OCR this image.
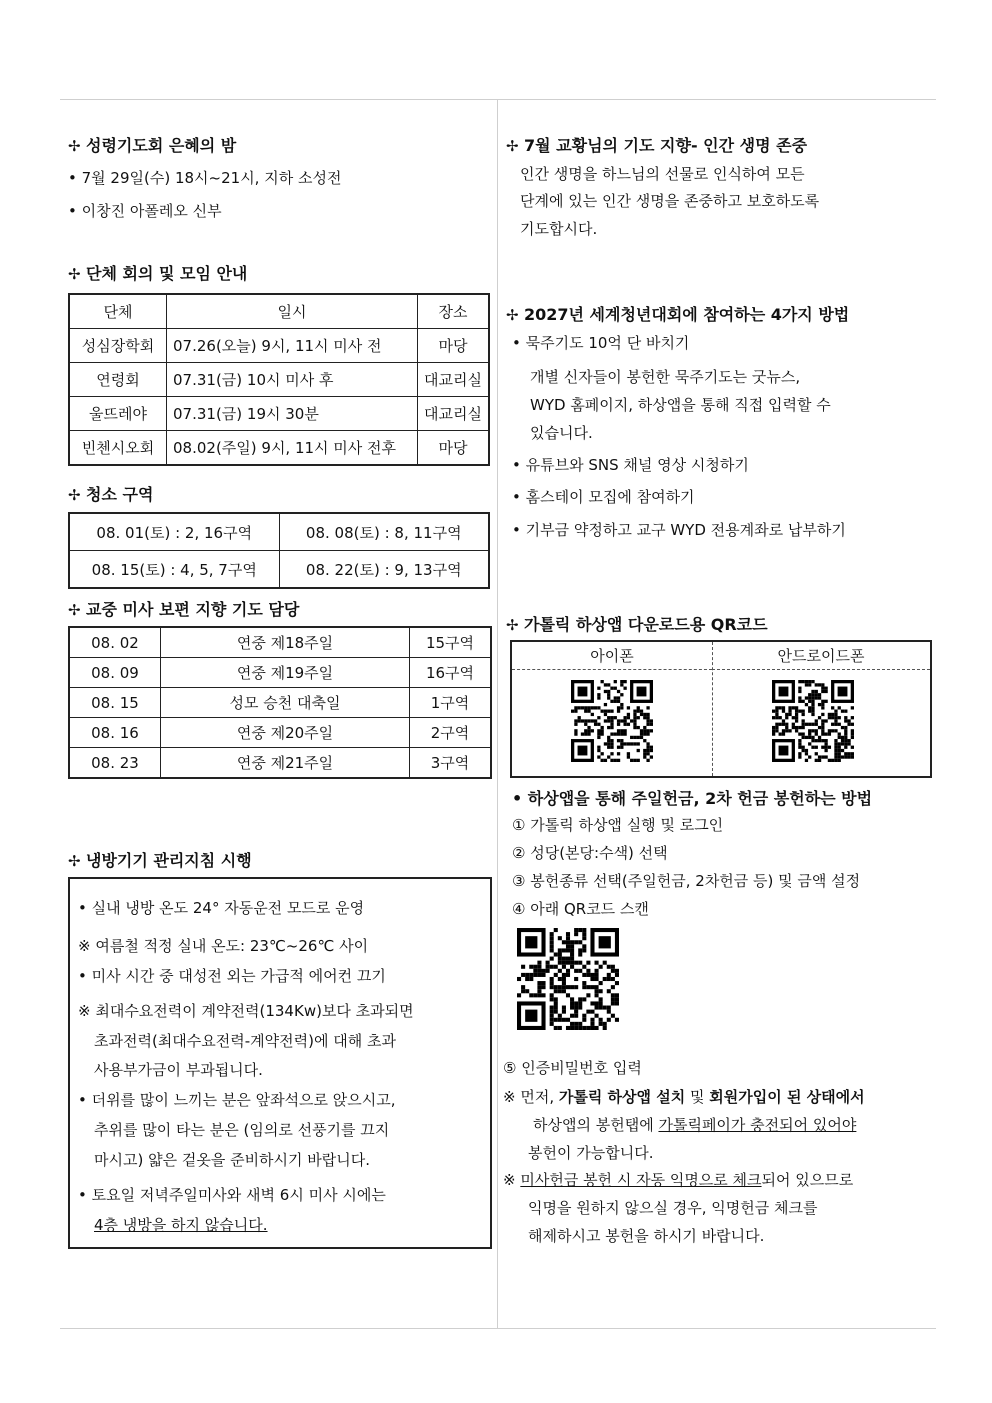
✢ 성령기도회 은혜의 밤
• 7월 29일(수) 18시~21시, 지하 소성전
• 이창진 아폴레오 신부
✢ 단체 회의 및 모임 안내
단체	일시	장소
성심장학회	07.26(오늘) 9시, 11시 미사 전	마당
연령회	07.31(금) 10시 미사 후	대교리실
울뜨레야	07.31(금) 19시 30분	대교리실
빈첸시오회	08.02(주일) 9시, 11시 미사 전후	마당
✢ 청소 구역
08. 01(토) : 2, 16구역	08. 08(토) : 8, 11구역
08. 15(토) : 4, 5, 7구역	08. 22(토) : 9, 13구역
✢ 교중 미사 보편 지향 기도 담당
08. 02	연중 제18주일	15구역
08. 09	연중 제19주일	16구역
08. 15	성모 승천 대축일	1구역
08. 16	연중 제20주일	2구역
08. 23	연중 제21주일	3구역
✢ 냉방기기 관리지침 시행
• 실내 냉방 온도 24° 자동운전 모드로 운영
※ 여름철 적정 실내 온도: 23℃~26℃ 사이
• 미사 시간 중 대성전 외는 가급적 에어컨 끄기
※ 최대수요전력이 계약전력(134Kw)보다 초과되면
초과전력(최대수요전력-계약전력)에 대해 초과
사용부가금이 부과됩니다.
• 더위를 많이 느끼는 분은 앞좌석으로 앉으시고,
추위를 많이 타는 분은 (임의로 선풍기를 끄지
마시고) 얇은 겉옷을 준비하시기 바랍니다.
• 토요일 저녁주일미사와 새벽 6시 미사 시에는
4층 냉방을 하지 않습니다.
✢ 7월 교황님의 기도 지향- 인간 생명 존중
인간 생명을 하느님의 선물로 인식하여 모든
단계에 있는 인간 생명을 존중하고 보호하도록
기도합시다.
✢ 2027년 세계청년대회에 참여하는 4가지 방법
• 묵주기도 10억 단 바치기
개별 신자들이 봉헌한 묵주기도는 굿뉴스,
WYD 홈페이지, 하상앱을 통해 직접 입력할 수
있습니다.
• 유튜브와 SNS 채널 영상 시청하기
• 홈스테이 모집에 참여하기
• 기부금 약정하고 교구 WYD 전용계좌로 납부하기
✢ 가톨릭 하상앱 다운로드용 QR코드
아이폰	안드로이드폰
• 하상앱을 통해 주일헌금, 2차 헌금 봉헌하는 방법
① 가톨릭 하상앱 실행 및 로그인
② 성당(본당:수색) 선택
③ 봉헌종류 선택(주일헌금, 2차헌금 등) 및 금액 설정
④ 아래 QR코드 스캔
⑤ 인증비밀번호 입력
※ 먼저, 가톨릭 하상앱 설치 및 회원가입이 된 상태에서
하상앱의 봉헌탭에 가톨릭페이가 충전되어 있어야
봉헌이 가능합니다.
※ 미사헌금 봉헌 시 자동 익명으로 체크되어 있으므로
익명을 원하지 않으실 경우, 익명헌금 체크를
해제하시고 봉헌을 하시기 바랍니다.
